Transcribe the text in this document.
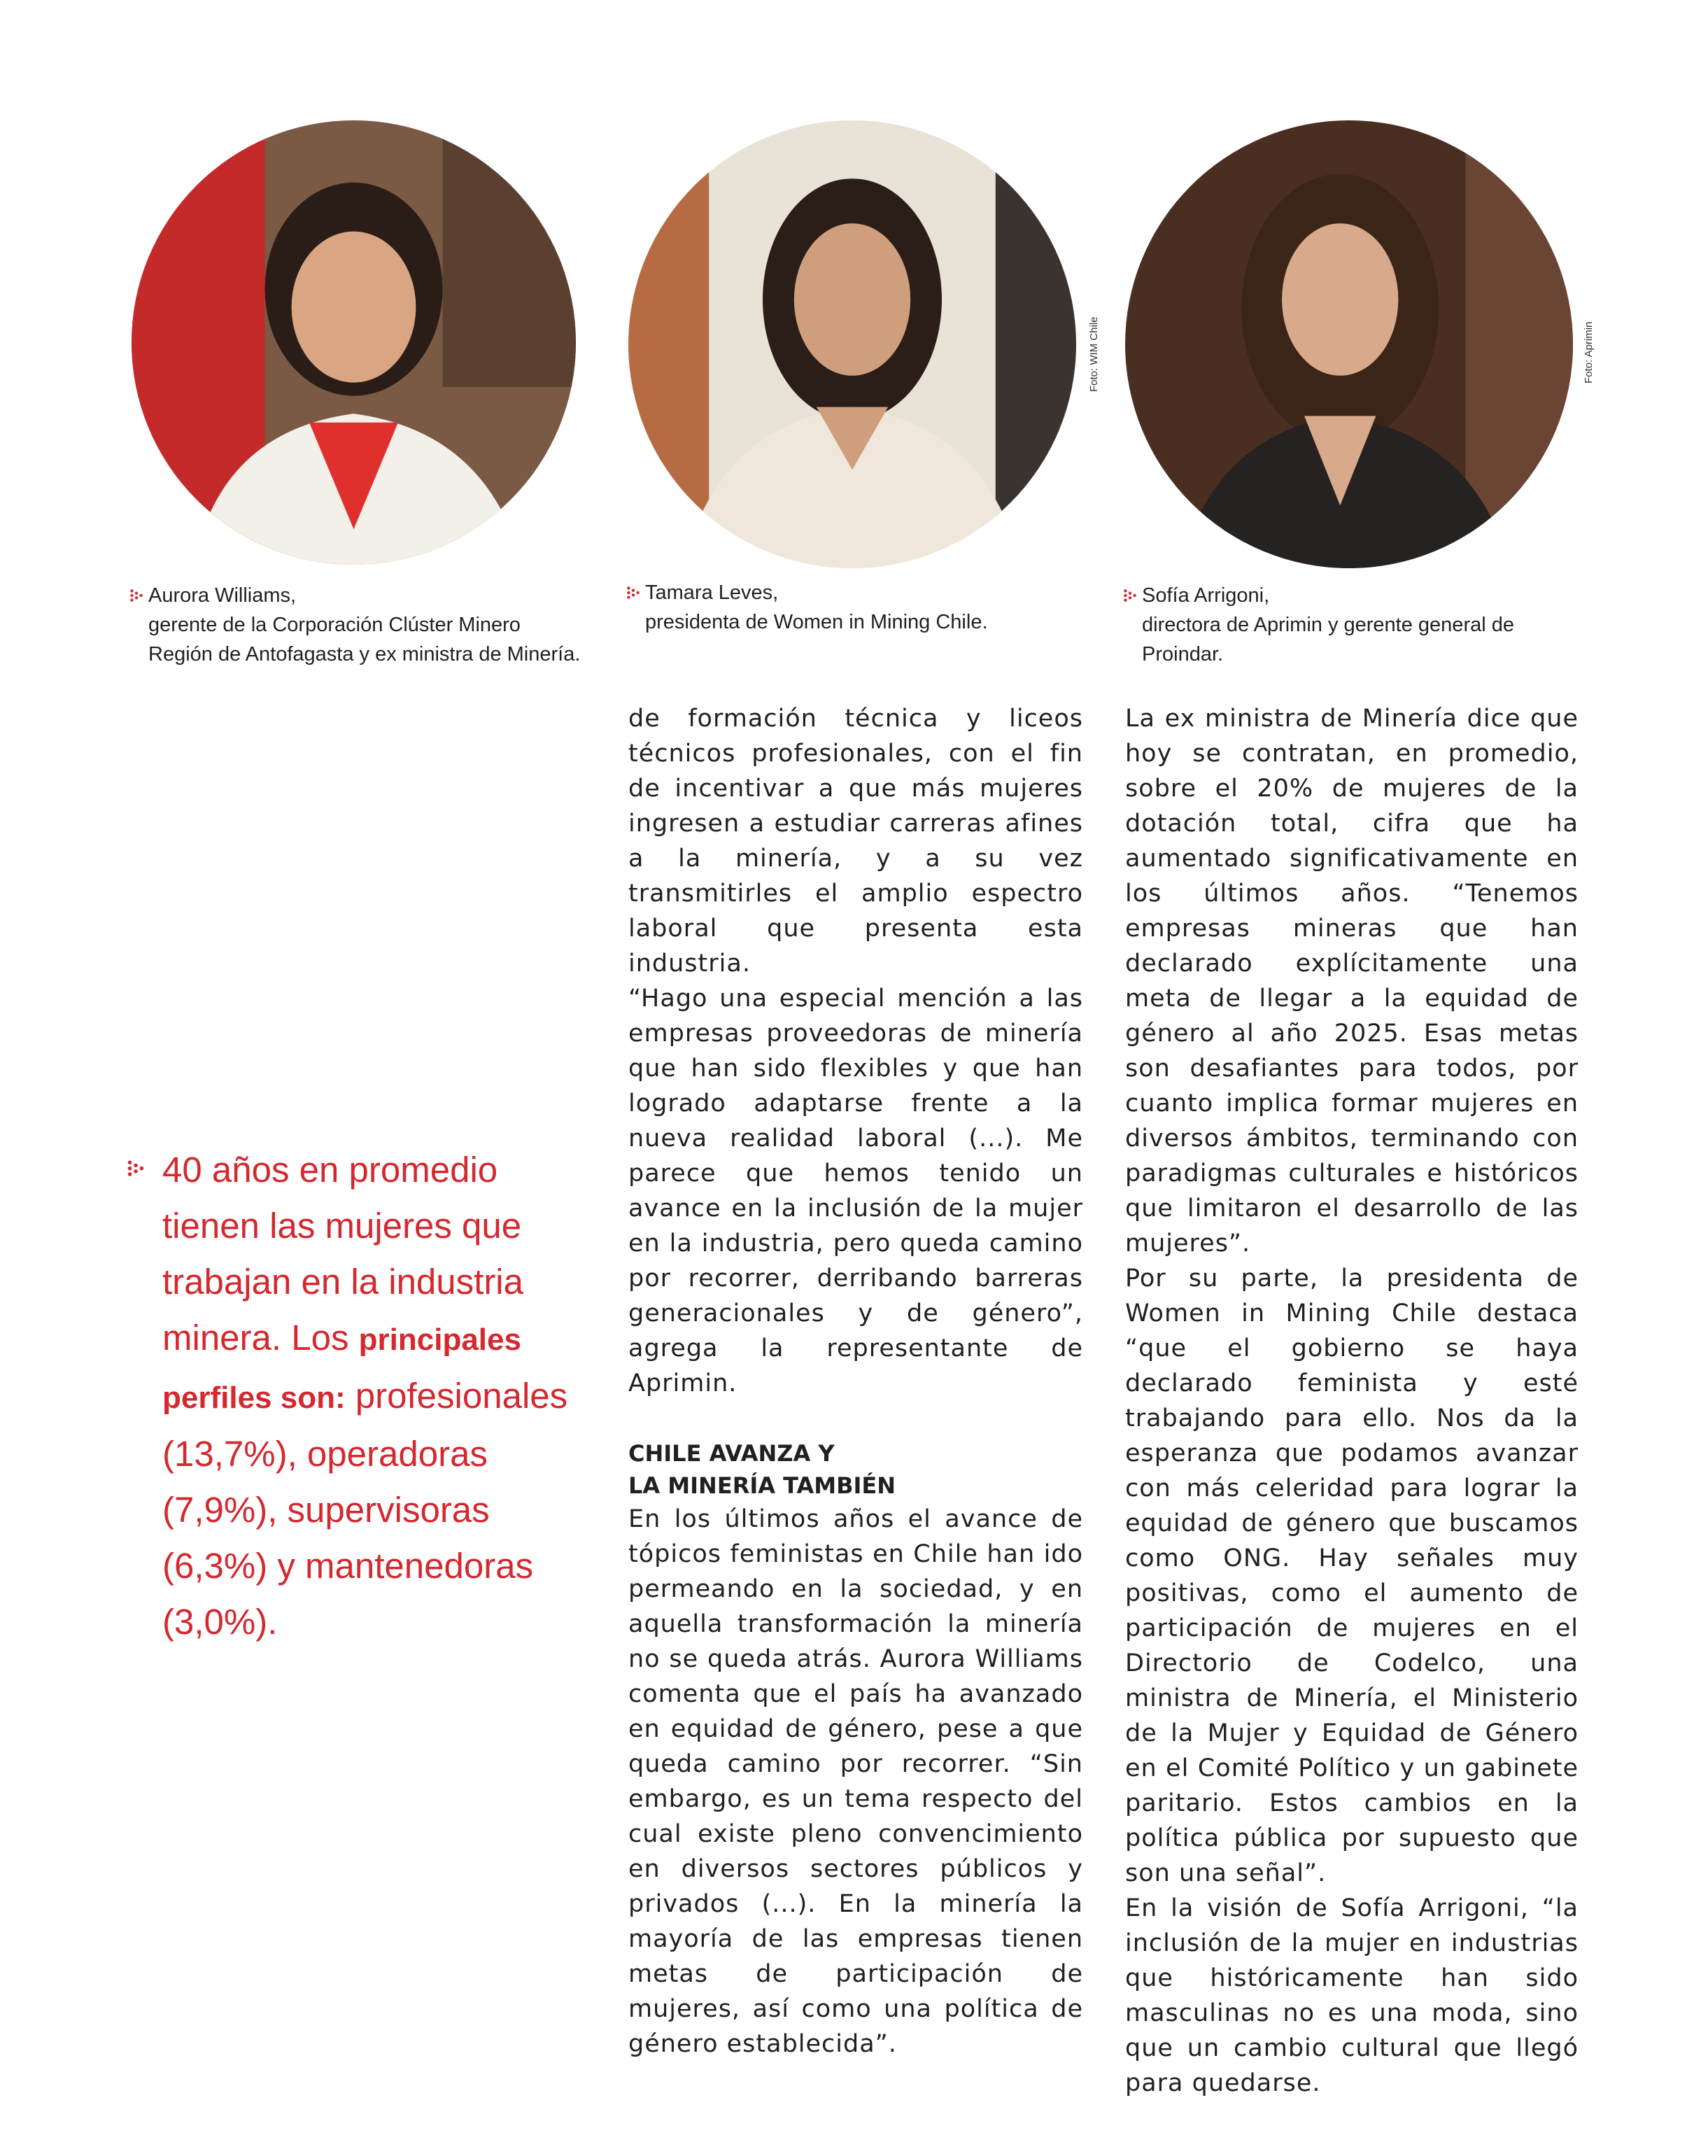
Foto: WIM Chile	Foto: Aprimin
Aurora Williams,
gerente de la Corporación Clúster Minero Región de Antofagasta y ex ministra de Minería.
Tamara Leves,
presidenta de Women in Mining Chile.
Sofía Arrigoni,
directora de Aprimin y gerente general de Proindar.
40 años en promedio tienen las mujeres que trabajan en la industria minera. Los principales perfiles son: profesionales (13,7%), operadoras (7,9%), supervisoras (6,3%) y mantenedoras (3,0%).

de formación técnica y liceos técnicos profesionales, con el fin de incentivar a que más mujeres ingresen a estudiar carreras afines a la minería, y a su vez transmitirles el amplio espectro laboral que presenta esta industria.

“Hago una especial mención a las empresas proveedoras de minería que han sido flexibles y que han logrado adaptarse frente a la nueva realidad laboral (...). Me parece que hemos tenido un avance en la inclusión de la mujer en la industria, pero queda camino por recorrer, derribando barreras generacionales y de género”, agrega la representante de Aprimin.

CHILE AVANZA Y
LA MINERÍA TAMBIÉN

En los últimos años el avance de tópicos feministas en Chile han ido permeando en la sociedad, y en aquella transformación la minería no se queda atrás. Aurora Williams comenta que el país ha avanzado en equidad de género, pese a que queda camino por recorrer. “Sin embargo, es un tema respecto del cual existe pleno convencimiento en diversos sectores públicos y privados (...). En la minería la mayoría de las empresas tienen metas de participación de mujeres, así como una política de género establecida”.

La ex ministra de Minería dice que hoy se contratan, en promedio, sobre el 20% de mujeres de la dotación total, cifra que ha aumentado significativamente en los últimos años. “Tenemos empresas mineras que han declarado explícitamente una meta de llegar a la equidad de género al año 2025. Esas metas son desafiantes para todos, por cuanto implica formar mujeres en diversos ámbitos, terminando con paradigmas culturales e históricos que limitaron el desarrollo de las mujeres”.

Por su parte, la presidenta de Women in Mining Chile destaca “que el gobierno se haya declarado feminista y esté trabajando para ello. Nos da la esperanza que podamos avanzar con más celeridad para lograr la equidad de género que buscamos como ONG. Hay señales muy positivas, como el aumento de participación de mujeres en el Directorio de Codelco, una ministra de Minería, el Ministerio de la Mujer y Equidad de Género en el Comité Político y un gabinete paritario. Estos cambios en la política pública por supuesto que son una señal”.

En la visión de Sofía Arrigoni, “la inclusión de la mujer en industrias que históricamente han sido masculinas no es una moda, sino que un cambio cultural que llegó para quedarse.
